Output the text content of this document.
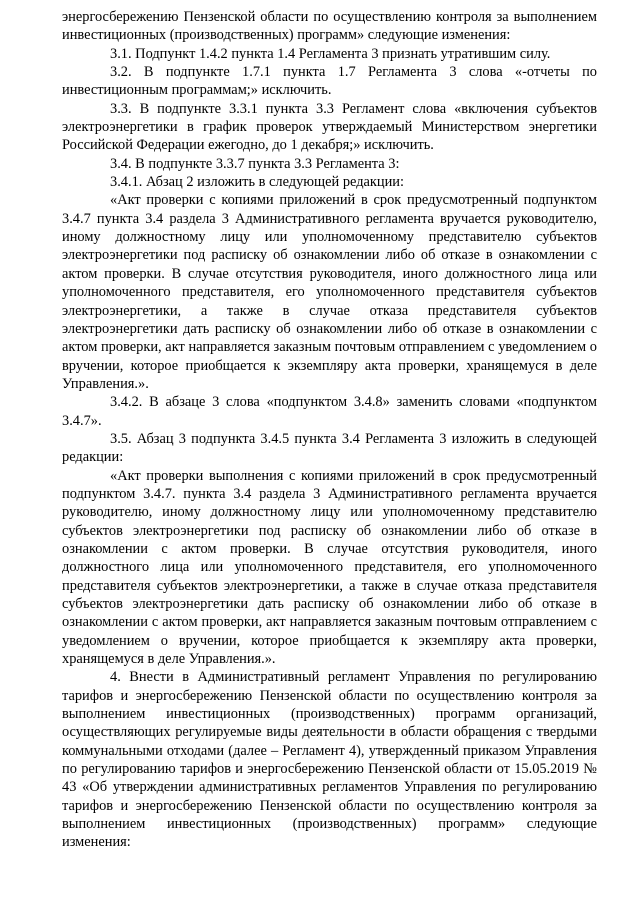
энергосбережению Пензенской области по осуществлению контроля за выполнением инвестиционных (производственных) программ» следующие изменения:

3.1. Подпункт 1.4.2 пункта 1.4 Регламента 3 признать утратившим силу.

3.2. В подпункте 1.7.1 пункта 1.7 Регламента 3 слова «-отчеты по инвестиционным программам;» исключить.

3.3. В подпункте 3.3.1 пункта 3.3 Регламент слова «включения субъектов электроэнергетики в график проверок утверждаемый Министерством энергетики Российской Федерации ежегодно, до 1 декабря;» исключить.

3.4. В подпункте 3.3.7 пункта 3.3 Регламента 3:

3.4.1. Абзац 2 изложить в следующей редакции:

«Акт проверки с копиями приложений в срок предусмотренный подпунктом 3.4.7 пункта 3.4 раздела 3 Административного регламента вручается руководителю, иному должностному лицу или уполномоченному представителю субъектов электроэнергетики под расписку об ознакомлении либо об отказе в ознакомлении с актом проверки. В случае отсутствия руководителя, иного должностного лица или уполномоченного представителя, его уполномоченного представителя субъектов электроэнергетики, а также в случае отказа представителя субъектов электроэнергетики дать расписку об ознакомлении либо об отказе в ознакомлении с актом проверки, акт направляется заказным почтовым отправлением с уведомлением о вручении, которое приобщается к экземпляру акта проверки, хранящемуся в деле Управления.».

3.4.2. В абзаце 3 слова «подпунктом 3.4.8» заменить словами «подпунктом 3.4.7».

3.5. Абзац 3 подпункта 3.4.5 пункта 3.4 Регламента 3 изложить в следующей редакции:

«Акт проверки выполнения с копиями приложений в срок предусмотренный подпунктом 3.4.7. пункта 3.4 раздела 3 Административного регламента вручается руководителю, иному должностному лицу или уполномоченному представителю субъектов электроэнергетики под расписку об ознакомлении либо об отказе в ознакомлении с актом проверки. В случае отсутствия руководителя, иного должностного лица или уполномоченного представителя, его уполномоченного представителя субъектов электроэнергетики, а также в случае отказа представителя субъектов электроэнергетики дать расписку об ознакомлении либо об отказе в ознакомлении с актом проверки, акт направляется заказным почтовым отправлением с уведомлением о вручении, которое приобщается к экземпляру акта проверки, хранящемуся в деле Управления.».

4. Внести в Административный регламент Управления по регулированию тарифов и энергосбережению Пензенской области по осуществлению контроля за выполнением инвестиционных (производственных) программ организаций, осуществляющих регулируемые виды деятельности в области обращения с твердыми коммунальными отходами (далее – Регламент 4), утвержденный приказом Управления по регулированию тарифов и энергосбережению Пензенской области от 15.05.2019 № 43 «Об утверждении административных регламентов Управления по регулированию тарифов и энергосбережению Пензенской области по осуществлению контроля за выполнением инвестиционных (производственных) программ» следующие изменения:
